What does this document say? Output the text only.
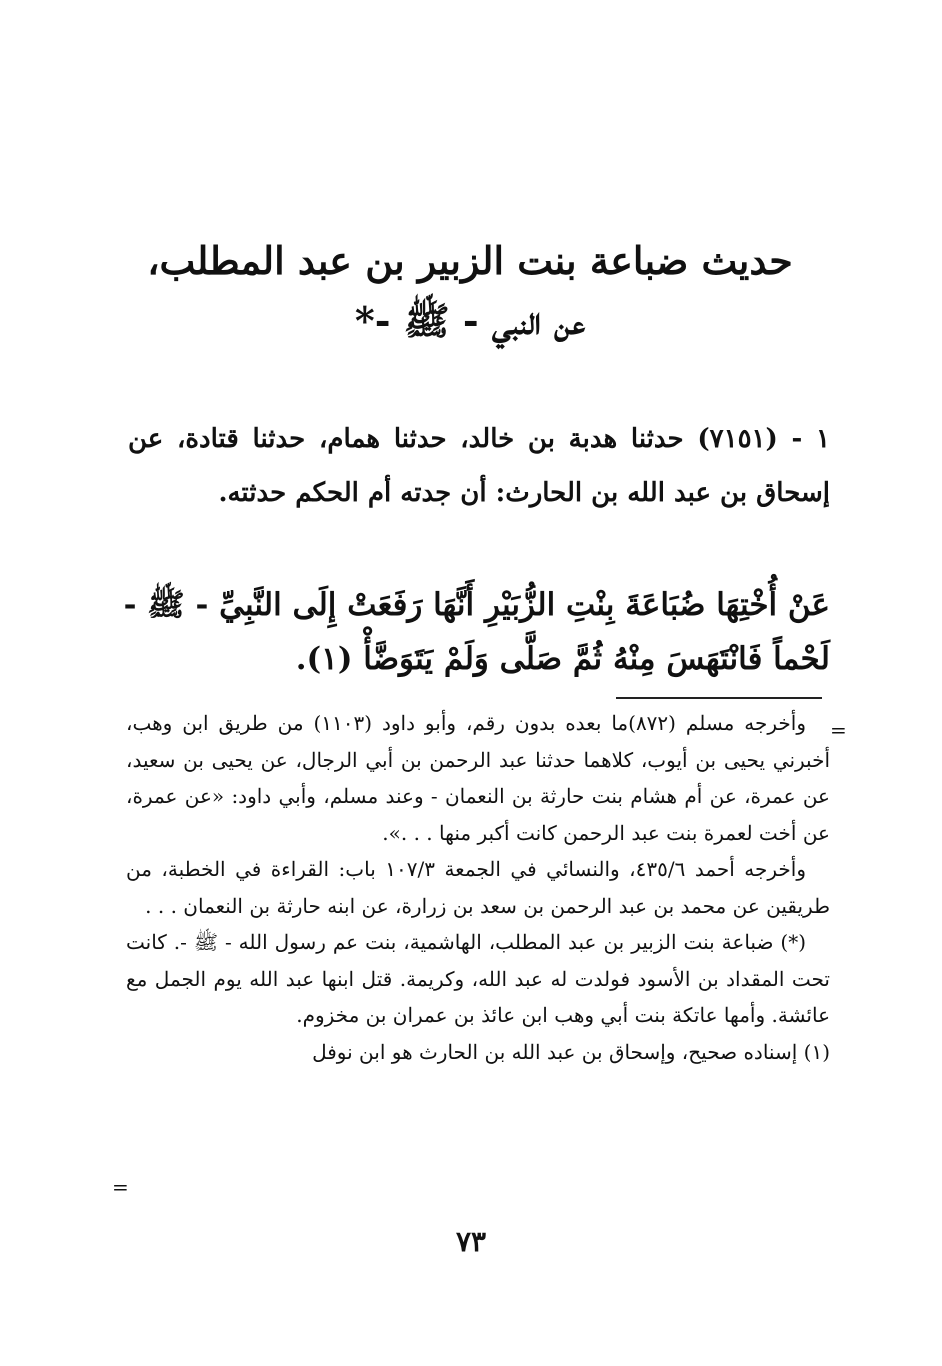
حديث ضباعة بنت الزبير بن عبد المطلب،
عن النبي - ﷺ -*

١ - (٧١٥١) حدثنا هدبة بن خالد، حدثنا همام، حدثنا قتادة، عن إسحاق بن عبد الله بن الحارث: أن جدته أم الحكم حدثته.

عَنْ أُخْتِهَا ضُبَاعَةَ بِنْتِ الزُّبَيْرِ أَنَّهَا رَفَعَتْ إِلَى النَّبِيِّ - ﷺ - لَحْماً فَانْتَهَسَ مِنْهُ ثُمَّ صَلَّى وَلَمْ يَتَوَضَّأْ (١).

=

وأخرجه مسلم (٨٧٢)ما بعده بدون رقم، وأبو داود (١١٠٣) من طريق ابن وهب، أخبرني يحيى بن أيوب، كلاهما حدثنا عبد الرحمن بن أبي الرجال، عن يحيى بن سعيد، عن عمرة، عن أم هشام بنت حارثة بن النعمان - وعند مسلم، وأبي داود: «عن عمرة، عن أخت لعمرة بنت عبد الرحمن كانت أكبر منها . . .».

وأخرجه أحمد ٤٣٥/٦، والنسائي في الجمعة ١٠٧/٣ باب: القراءة في الخطبة، من طريقين عن محمد بن عبد الرحمن بن سعد بن زرارة، عن ابنه حارثة بن النعمان . . .

(*) ضباعة بنت الزبير بن عبد المطلب، الهاشمية، بنت عم رسول الله - ﷺ -. كانت تحت المقداد بن الأسود فولدت له عبد الله، وكريمة. قتل ابنها عبد الله يوم الجمل مع عائشة. وأمها عاتكة بنت أبي وهب ابن عائذ بن عمران بن مخزوم.

(١) إسناده صحيح، وإسحاق بن عبد الله بن الحارث هو ابن نوفل

=
٧٣
